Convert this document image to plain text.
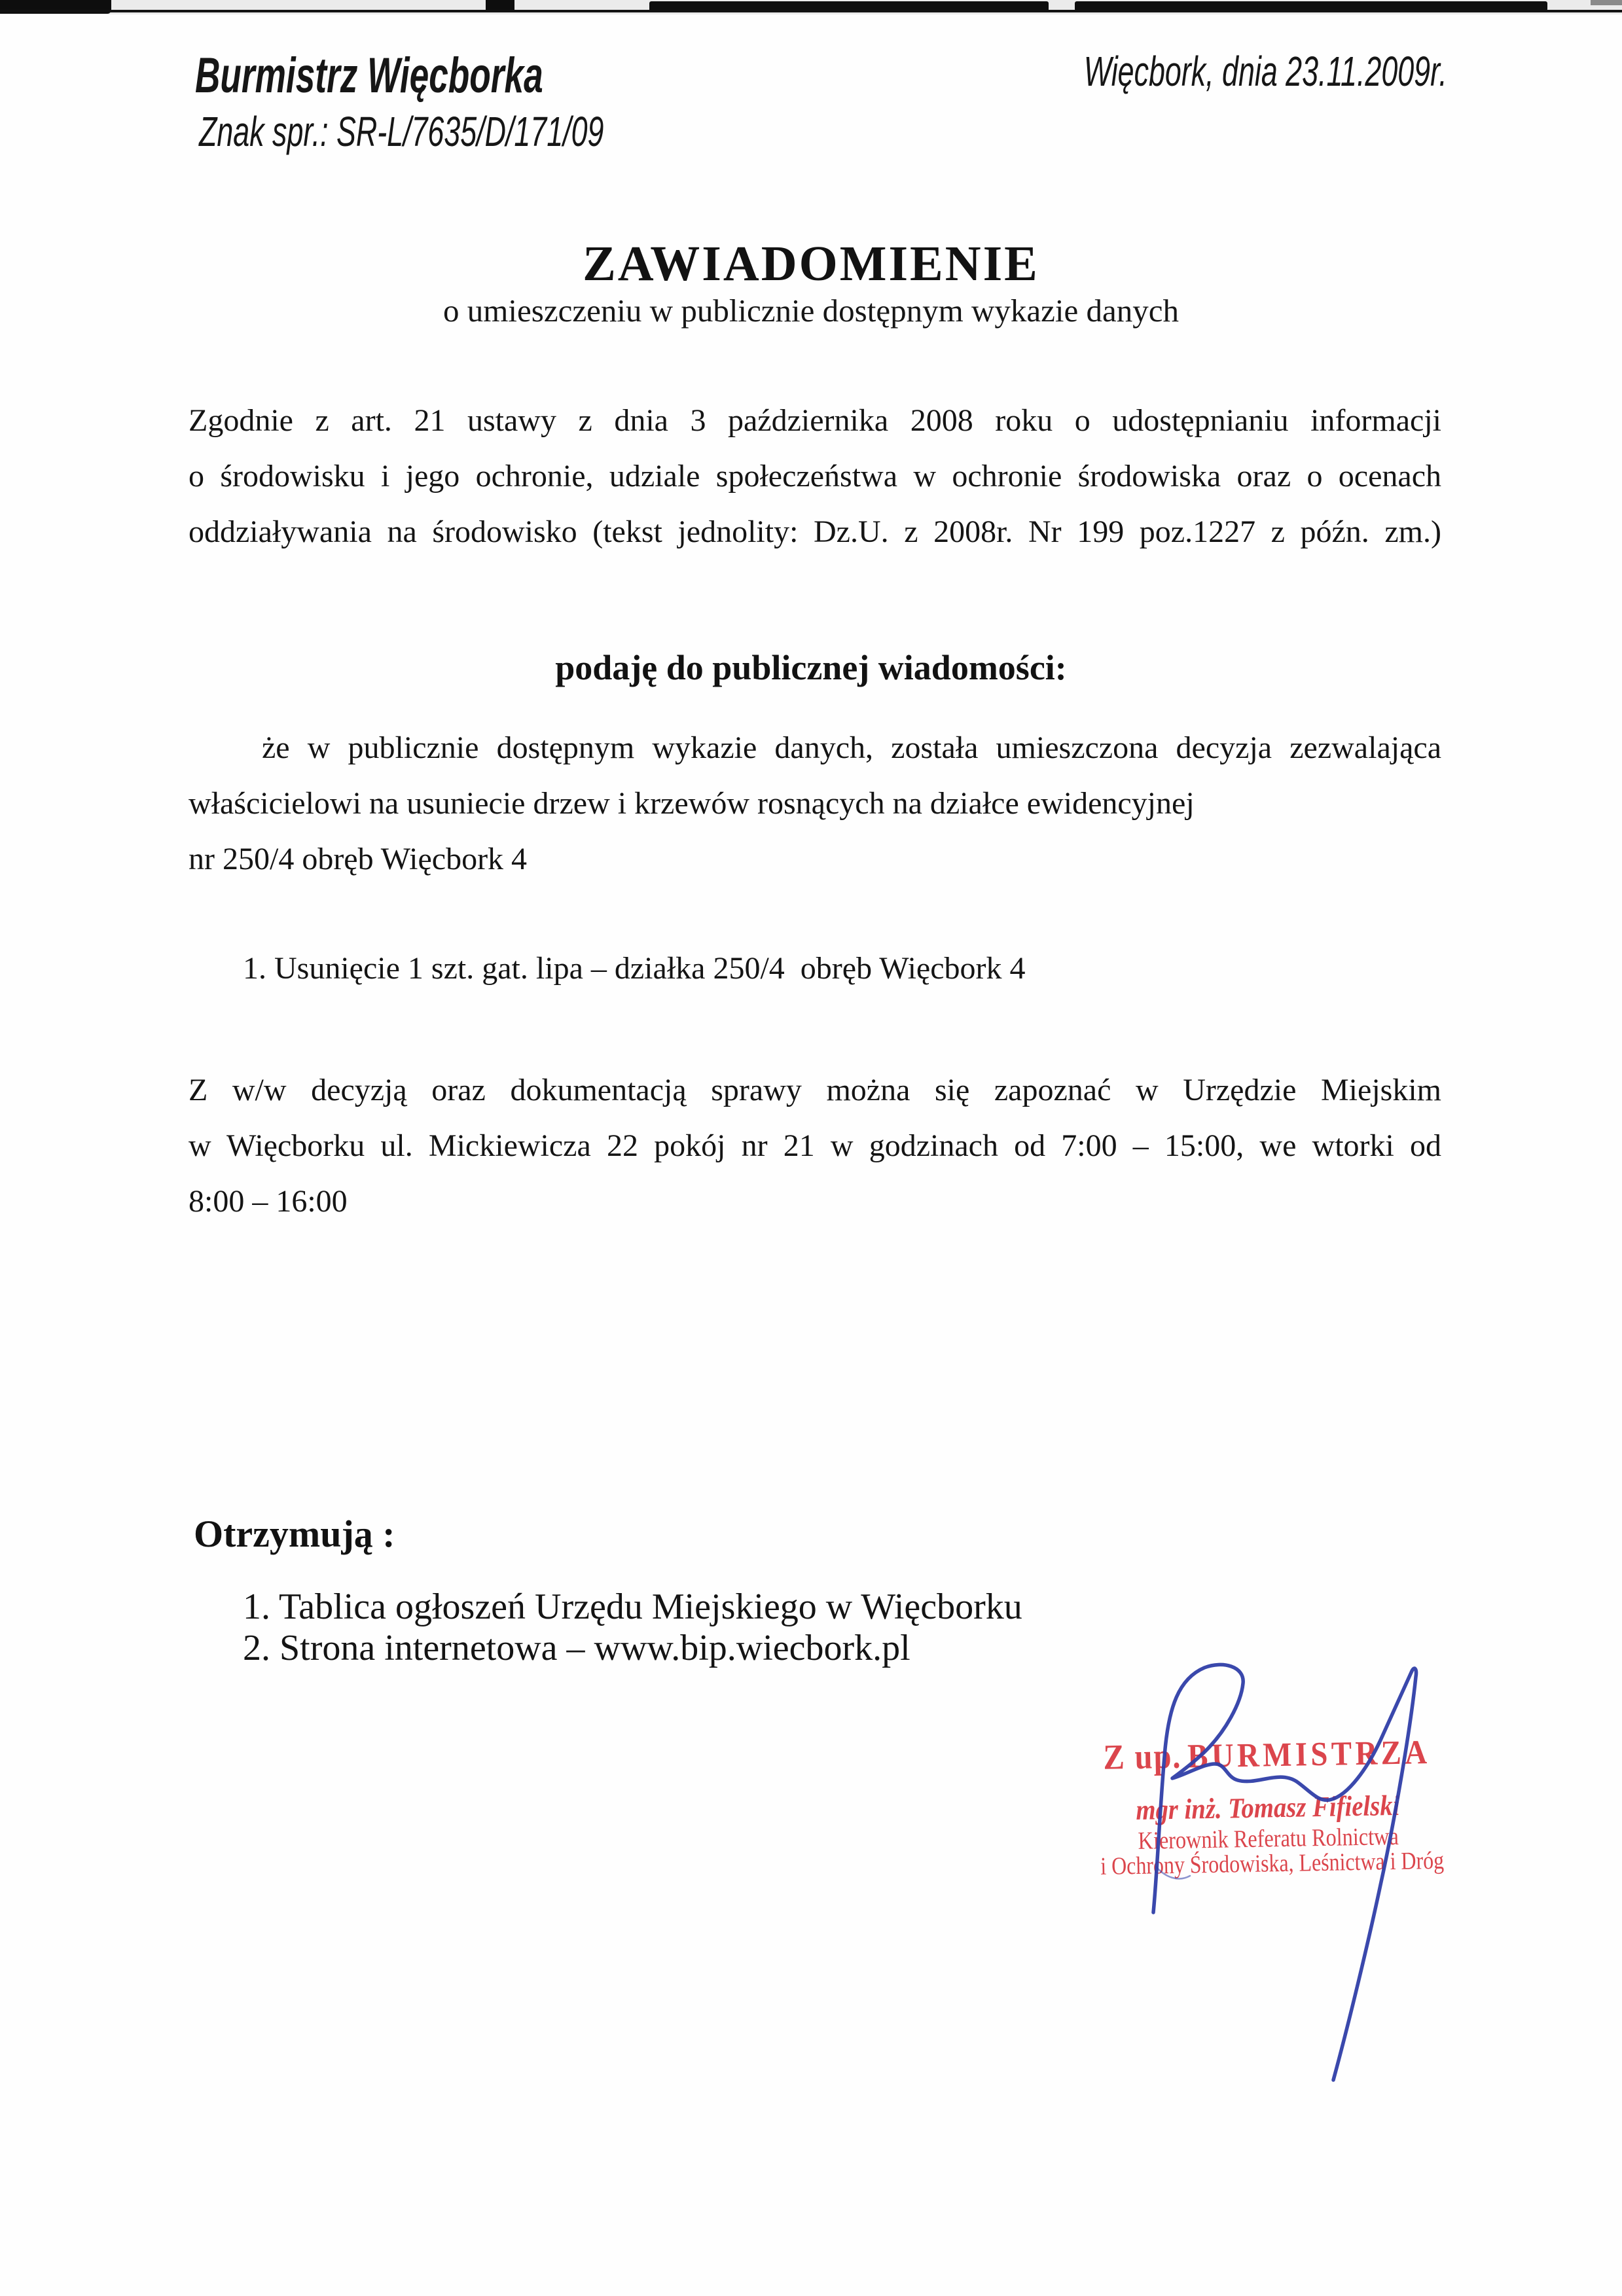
Burmistrz Więcborka
Znak spr.: SR-L/7635/D/171/09
Więcbork, dnia 23.11.2009r.
ZAWIADOMIENIE
o umieszczeniu w publicznie dostępnym wykazie danych
Zgodnie z art. 21 ustawy z dnia 3 października 2008 roku o udostępnianiu informacji
o środowisku i jego ochronie, udziale społeczeństwa w ochronie środowiska oraz o ocenach
oddziaływania na środowisko (tekst jednolity: Dz.U. z 2008r. Nr 199 poz.1227 z późn. zm.)
podaję do publicznej wiadomości:
że w publicznie dostępnym wykazie danych, została umieszczona decyzja zezwalająca
właścicielowi na usuniecie drzew i krzewów rosnących na działce ewidencyjnej
nr 250/4 obręb Więcbork 4
1. Usunięcie 1 szt. gat. lipa – działka 250/4  obręb Więcbork 4
Z w/w decyzją oraz dokumentacją sprawy można się zapoznać w Urzędzie Miejskim
w Więcborku ul. Mickiewicza 22 pokój nr 21 w godzinach od 7:00 – 15:00, we wtorki od
8:00 – 16:00
Otrzymują :
1. Tablica ogłoszeń Urzędu Miejskiego w Więcborku
2. Strona internetowa – www.bip.wiecbork.pl
Z up. BURMISTRZA
mgr inż. Tomasz Fifielski
Kierownik Referatu Rolnictwa
i Ochrony Środowiska, Leśnictwa i Dróg
